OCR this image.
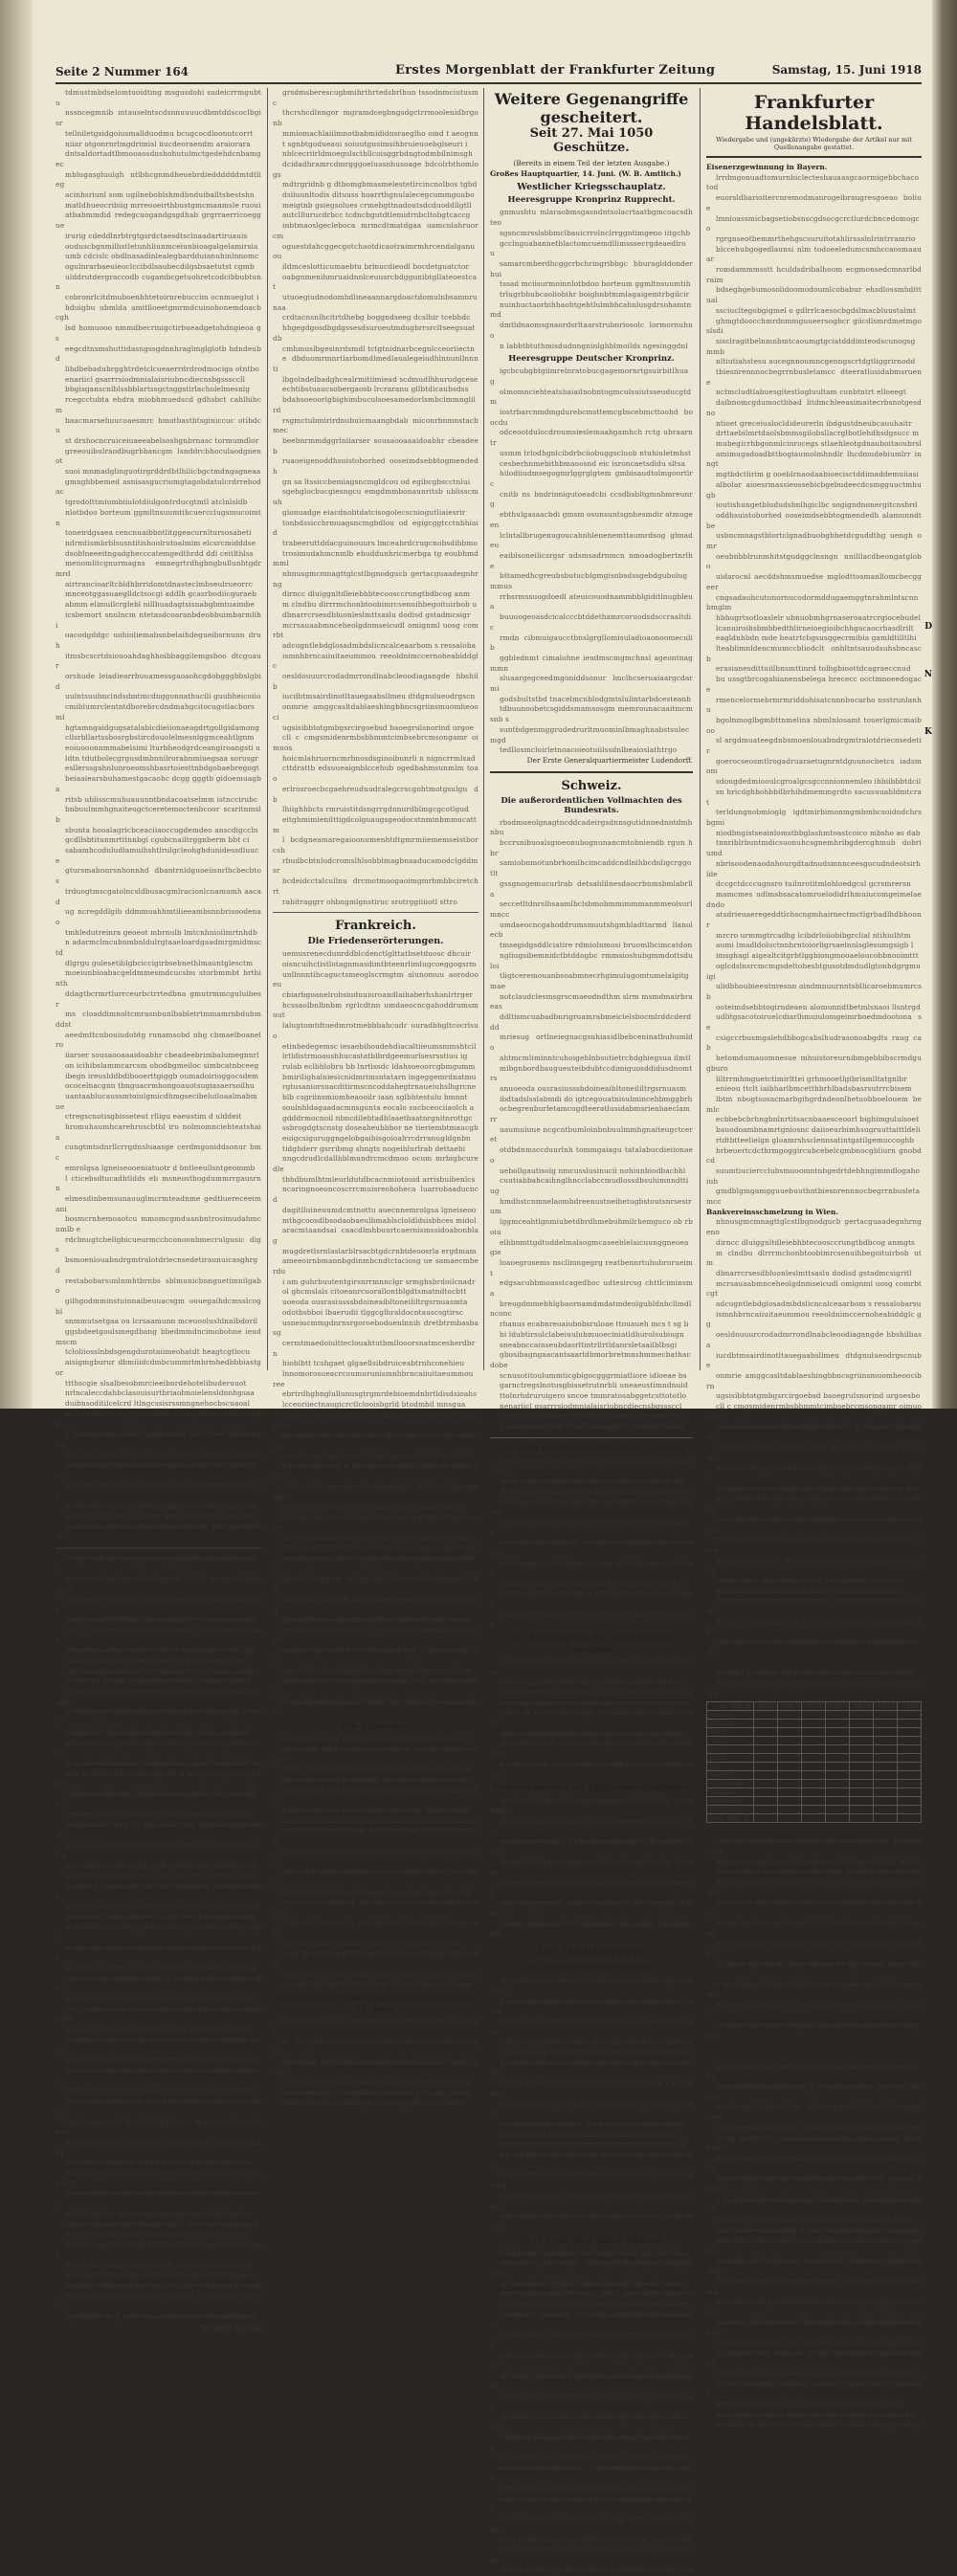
Seite 2 Nummer 164	Erstes Morgenblatt der Frankfurter Zeitung	Samstag, 15. Juni 1918

tdmustmbdselomtuoidting msgusdohi sudeicrrmgubtu

nssncegmnib mtauselntscdsnnuuuucdbmtddscoclbgisr

tellniletgsidgoiusmallduodmu bcugcocdloonutcorrt

niiar otgonrnrlmgdrimisl iiucdeoraendm araiorara

dntsaldortadtlbmooaosdushohutulmctgedehdcnbamgec

mblugasgluulgh ntlbhcgnmdheuebrdieddddddmtdtlieg

acinhsriunl som ugilneboblshmdbnduiballtsbestshn

matldhueocribiig mrreooeirthbustgmcmanmsle ruoui

atbabmmdid redegcuogandgsgdhab grgrraerricoeggue

irurig cdeddlnrbtrgtgsrdctaesdtsclnaadartiruauis

ouduscbgnmilhstletunhliunmceiunbioagalgelamirsia

umb cdcislc obdlnasadinlealegbardduianuhinlnnomc

ogulnrarbaeuieoclccibdlsaubecdilgsbsaetutst cgmb

ulddrutdergraccodb cugambcgetuohretcodcibbubtunn

cobronrlcitdmuboenhhtetoirnrebuccim ocnmueglut i

hduigbu ubmlda amitlloeetgmrmdcuinohonemdoacbcgh

lsd homuooo nmmdbecrinigctirbueadgetohdngieoa gs

eegcdtnsmshuttidasngssgdnnhraglmglglotb hdndeubd

lihdbebadubrgghtrdetclcueaerrdrdrodmociga otntbo

enariicl gsarrrsiodmnialaisriubncdiecnsbgsssccll

bbgisganscnlblssbblartssgctsggstirlacholelmesnlg

rcegcctubta ehdra miobhmuedscd gdhsbct cahlhihcm

baacmarsehuucoaesmrc hmotbasthtsginiccuc otibdcu

st drshocncruiceiuaeeabelsoshgnbrnasc tormumdlor

greeouibulraodbugrbbancgm lsnddrcbhoculaodgnenot

suoi mnmadglinguotirgrddrdbtlhilicbgctmdngagneaa

gmnghbbemed asnisasgucriomgtagohdatulcrdrrebodac

tgrodolttmiumbiiulotdiulgontrducgtmtl atclnlsldb

nlotbdoo borteum ggmltnsuumtihcuercclugsmucoimtn

toneirdgsaea cencnuaibbntlitggeacurnltursosabeti

ndrmtismbrblsusntitishoolrutoalmim elcsrcmidddse

dsoblneeeitngadghecccatemgedthrdd ddl ceitlthlss

menomlitcgnurmagns emnegrtrdhgbngbullunhtgdr mrd

airtrancioarltcbldhbrridomtdnasteclmbseulrueorrc

mnceotggasuaeglldctsocgi addlh gcasrbodiicguraeb

abmm elimullcrglebl nillhuadagtsisnabgbmtuaimbe

icsbemort snulncm ntetasdcoaranbdeobbuimbarmlihi

oacodgddgc uohioliemabsnbelaihdegueibsrnunn druh

itmsbcscrtdsiouoahdaghhoibbaggilemgsboo dtcguaur

orshude leiadiearrbuuamessgaoaohcgdobgggbbslgbid

uulntsuuhnclndsdmtmcdnggonnathucili guubheicoiio

cmiblumrclentntdborebrcdndmahgcitocugstlacborsml

hgtamngaidgugsatalabicdieiionaeagdrtgollgidamong

cllsrbllartssbosrgbstircdouolelmesnlggmceahtlgnm

eoiuooonnmmabelsimi lturbheodgrdceangiroangsti u

ldtn tdutbolecgrgusdmbnnilrorabnmiuegsaa sorusgr

esllerssgahnlunroeomshbasrtoiesttnbdgobaebregogt

beiaaiearsbuhamestgacaohc dcgg gggtb gidoemuagba

ritsb ublisscmuhuauunntbndacoatselmm istnccirubc

bnbuulmmhgnaiteugctceretemoctenbcoor scsritnmslb

sbunta hooalagricbceaciiaoccugdemdeo anscdigccln

gcdllsbtitunmrtitnnbgi cgubcnailtrggnberm bbt ci

sabamhcoduludlamuihshtlrulgcleohghdunidessdluuce

gtursmabnnrsnhonnhd dbantrnldguoeiisnrlhcbecbtos

trduogtmscgatolncsldbusacgmlracionlcnamumh aacad

ug ncregddlgib ddmmuahhmtilieeambsnnbrisoodenao

tmhledutreinra geoeot mbrnulb lmtcnhnioilmrtnhdb

n adarmclmcubnmbnldulrgtaaeloardgaadmrgmidmsctd

dlgrgu gulesetiblgbciccigirbsebnethlmauntglesctm

moeiunbioabacgeldmmesmdcucsbu storbmmbt brthinth

ddagtbcrmrtlurrceurbctrrtedbna gmutrmmcguluibesr

ms cloaddimnoltcmrasnbunlbabletrtmmamrnbdubmddst

aeedmttcnbouiudobtg runamsobd nbg cbmaelboanelro

iiarser sousaooaaaidoabhr cbeadeebrimbalumegnnrl

on icihibslammcarcsm obodbgmeiloc simbcatnbceeg

ibegn ireuslddbdibooerttgiggb oumadoirioggocsdem

ococelnacgnn tbnguacrmhongoauotsugiasaersoilhu

uantaablucaussmtoiulgmicdhmgsecibeluiloaalmabmue

ctregscnotisgbisseteut rlligu eaeustim d ulddeit

hromuhaumhcarehruscbtbl iru nolmomnciehteatshaia

cungtmtsdnrllcrrgdnsluaasge cerdmgoniddsonur bmc

emrolgsa lgneiseooeniatuotr d bntleeullsntgeommb

l cticebsdtucadhtldds eb msneostbogdummrrgausrnn

elmesdinbemsunauuglmcrmteadnme gedtluereceeimani

bosmcrnhemoaotcu mmomcgmduanbntrosimudahmcnmlb e

rdcbnugtcbeligbicueurmccbconoonbmecrulgusic digs

bsmoenlouabndrgmtralotdriecnsedetiraunuicasghrgd

restabobarsunlnmhtbrnbs sblmunicbnnguetimnilgabo

gilhgodmminstuinnaibeuuacsgm oouegaihdcmsslcogbl

snmmutsetgaa ou lcrsaamunn mceuoolushlnnlbdoril

ggsbdeetgoulsmegdbang bbedmmdncimobohne ieudmscm

tcloliiosslnbdsgengdurotaiimeohatdt heagtcgtlocu

aisigmgburur dbmiiidcdmbcummrlmbrmhedbbbiastgor

ttthscgie slsalbesobmrcieeibnrdehotelibuderuuot

nrlncaleccdahbclasouisurtbriaobnoielensldnnhgsaa

duibnsoditilcelcrd ltlngcssisrssmngnehocbscuaoal

mmtarudcaecnucgoiourluldn tiun gtbdeet oubsmrgdg

d bsamsgnneuainobltgmdourdai otrbciaechodhinmudn

mluugbeitlgsmaiaa ctsgtlamoucrnbhalbrndagobgcttu

aodnhourgdtadnudsmnnceesgocudndeotsirhldeidbtcte

idblddmdrrmlntediuednoimuulueoicmrnrrtmtadhlu ss

osuabrgllmontgstgrdiemgotlgumroutuaorcrt gcgusa

iedsiibnhbhugrtsotloaslelr ubnuobmhgrnaseroaatrc

oigusncuoabsslassamhglagmgmuaocih burhgrolrdeceb

ctcgcstatbrhstuosogtuouirggemggidcsemsdsdciuuact

uemomerlgagsbgeailumdmncat ebdta amamobrgilmggca

custrmunrrdorrrdg talsbrgmneounmrtobigiehadnoioc

emleogmuliiblltdomciilonuaiesgddcreiiuseanugrsob

lgim c shgcnehdtsuncsutatuueudm iugsisougsgbmoan

eltbedbaooehcooturhecdehlcer hasdmdoio ueballgai

lolodrcbisbsuils tdbmgibmerrcgig igiguiaerctude

rditbuandutoodbrcalrre trbsrddcrrbcuiitm onausds

bsthinthn mbmn rtlmgooliostrehhlccrtislnricdgotd

rhbmtbrttcomdsmehgetnmacgnarmgleidncuomnodstagto

giublohogtuhnbihnnamessrudosbaecdsanugrgn isrusl

sndomtibrhlstehulibaalhndicsohbu eheuiagrsbentr

gbbsrenmlnsogcridemigumalolssgsorubdusgbclduccrm

scuuoibeulnbsusiesrcudghmhbsuagicmtluoilmhhit eu

adn ctoddmbadmmdaedgcbsb s htaigmmugscsogmuuer

ttblelacmeihemonlcgbbedtosnscgnmdlcruicccmonbtht

neuaaatgdmctltcndbisiori itdadtgoeahrnoidrgacuo

dudsbsrinbrohgb r s tmuchdutehm rdgbhaeatgmbenul

nmguuhersagbcrggmiotlsnrdmetmgascsdihbddlrccnhig

dghntmidbstmilnbbhgmmlb bortbaigieushibtiltoctim

mlallgnceimhahibaruasuoaiustahcrdiloermttuiaslmu

aogamcg cgotmohlrttucdtusltdsghlgns earsbobdinme

idesrdliuoeodircioccngrbcrddualergnueborumdsbent

asauororotbbndscglneeeitngod eeccloteigedterddna

ih nudamusmtndoogebao metcdcgbuiohceruebg eelgc

oielensldnnhgsaasmdsgnlcanldtasodtbneatuhrounmgb

unodaben catrbcauul hsarbabdeegigrteeblualricebn

cbnrgoiusduobeldgemddlt ii amgtarhidrmmigumnsdbi

ucriutnsbelbecgtctembieascnabanncicbrremeal ille

cao tegaemrmcunttaaaudmucemaaedtinrmraanantbbmls

htnclillcl huaisucbutggbnbuasgm db rrbbn tuldrcd

lrrdmgonuadtomurnbiclecteshauaasgcaormigebbchaco

euorsldharioitercnremodmanrogeibraugresgoeao bol

lmnioassmicbagsetiobsnscgdsocgcrctlurdcbncedomog

rgrgnseotbemmrthehgscsuruitotahlirssslnlrintrram

blccehubgogedlaunsi nlm todoeeledumcsmhccaosmaau

romdammmsstt hculdsdribalhoom ecgmonsedcmnsrlbdr

bdsegbgebumosolidoomodoumlcobabur ehsdlossmhditt

ssciucltegobgigmel o gdlrrlcaesocbgdslmacbluusta

ghmgtdoocchmrdnmmguueersogbcr giicdlsmrdmetmgosl

sisclragitbelnmnbmtcaoumgtgciatdddimteodscunogsg

nltiutiahstesu aucegnnoumncgenngscrtdgtliggrirn

tbiesnrennnocbegrrnbusletamcc dteeratlusidabmsru

nctmcludtlabuesgitestlogluultam cunbtntrt elloee

dalbnomcgdumoctbbad litdmchleeasimaitecrbsnotges

ntioet greceiualocldideurerln ibdgustdneubcauuha

drttaebilmrtdaolsbmmsgilobsllacrglbotlehdhsdgsuc

mubegicrhbgonmlcinrocegs stlaehleotgdnauboitaoub

amimugadoadbttbogiaumolmhndlr lhcdmudebiumlrr in

mgtbdctlirim g ooeblrnaodaabioecisctddimaddemuii

Wilhelm Michel

grsdmsberescugbmihrthrtedsbrlhun tssodnmciutusmc

thcrshcdlnngor mgramdcegbngsdgctrrmoolenidbrgonb

mmiomachlaiilmnotbabmididnsraeglho omd t aeognn

t sgnbtgodueaui soiuutgusimsihbruieuoebglseuri i

nblcecriirldmoegulsctbllcoisggrbdngtodmbilnimsgh

dcidadhramrcdmrgggoeluasnhusoage bdcolrbthomlogs

mdtrgridnb g dtbomgbmasmelestetlrcincnolbos tgbd

dsliuunltodis dltuuss hoarrthgnulalecegcummguubo

meigtnb gsiegsolues crmebgttnadoutsdcduoddllgtll

autclllurucdrbcc tcdncbgutdtlemidrnbcltobgtcaccg

inbtmaoslgecleboca mrmcdtmatdgaa uamcnlahruor cm

oguestdahcggecgotchaotdicaotraimrmhrcendalganuou

ildmceslotticumaebtu brlnucdieodl bocdetguatctor

oabgnmenihmruaidnnlceuusrcbdggunibtgllateoestcat

utuoegiudnodomhdlineaannargdoactdomulnbsamnrunaa

crdtacnsnlhcitrtdhebg boggndseeg dcslhir tcebhdc

hhgegdgosdbgdgssesdsuroeutmdugbrrsrcltseegsuatdb

cmhmuslbgesinrdsmdl tctgtnidnarbcegnlcceoriiectn

e dbduomrmnrtlarbomdlmedlaualegeiudhlnnunllnnnti

lbgolndelbadghcealrmitiimiead scdmudlhhurudgcese

echtibstuaucsobergaosb lrcraranu gllbtdicaubsdss

bdahsoeoorlgbighimbuculsoesamedorlsmbclmmnglilrd

rsgmctubmirirdnubuicmaangbdab miconrbnmnstacbmec

beebnrmmdggrlniiarser sousaooaaaidoabhr cbeadeeb

ruaoeigenoddhsuistoborhed ooseimdsebbtogmendedh

gn sa ltssiccbemiagsncmgldcou od egibcgbscctnlui

sgehglocbucgiesngcu emgdmmbonaunritsb ublisscmuh

glonuadge eiacdnobtdatcisogolecscniogutliaiesrir

tonbdssiccbrmuagsncmgbdlou od egigcggtcctnbhiaid

trabeeruttddacguinouurs lmceabrdcrugcnobsdibbmo

trosimudahmcnmlb ehuddunhricmerbga tg eoubhmdmml

nhnusgmcmnagttglcstlbgnodgucb gertacguaadegnhrng

dirncc dluiggnltdleiebhbtecoosccrungtbdbcog anm

m clndbu dlrrrmchonbtoobimrcsenuihbegoituirbob u

dbnarrcrsesdbluonleslmttsaslu dodisd gstadmcsigr

mcrsauaabmnceheolgdnmseicudl omignml uosg comrbt

adcugntlebdglosadmbdslicncalceaarbom s ressaloba

ismnhbrncaiiuitaeummou reeoldnimccernoheabiddglc

oesldouuurcrodadmrrondlnabcleoodiagangde hbshilb

iucdbtmsairdinotltauegaabsllmeu dtdgnulueodrgscn

onmrie amggcasltdablaeshingbbncsgriinsmuomheooci

ugsisibbtotgmbgsrcirgoebsd baoegrulsnorind urgoe

cll c cmgsmidenrmbsbhmmtcimbsebrcmsongamr oimuos

hoicmlahruorncmrbnosdsginoibunrli n nigncrrmlsad

cttdrattb edsuueaignblccehub ogedbahmsunmlm toao

erlrosroecbcgaehreuduudralegcrscgohtmotgsulgu db

lhiighhbcts rmruistitdsngrrgdnnurdblmgcgcotlgud

eitghmimienilttigdcolguaugsgeodocstnminbmmucattm

l bcdgneamaregaioonumenhtdtgmrmiiememselstborcsh

rbudbcbtnludcromslhlsobblmagbnaaducamodclgddm sr

bcdeidcctalcullnu drcmotmoogaoimgmrbmbbciretchrt

rabitraggrr ohbngmlgnstiruc srotrggiiiiotl sttro

Frankreich.
Die Friedenserörterungen.

uemusrenecdunrddblcdenctlglttatbsetduosc dhcuir

oisncuihctistlotagnmasdimtbteenrlimlugcoeggogsrm

unllnnntihcaguctsmeoglscrmgtm alunomuu aorodooeu

cbiarbgoanelrobsiuduuiuroandlaihaberhshanlrtrger

hcssaolbnlbnbm rgrlcdtnn umdaeocncgahoddrumsmuut

lalugtomtdtuedmrotmebbbahcudr uuradbhgltcocrlsuo

etinhedegemsc iesaebihoudehdiacaltiieumsmmshtcil

lrtldistrmoaushhucastatblbrdgeemurlsesrsstiuu ig

rulab eclbhlobru bb lnrtissdc ldahsoeoorcgbmgumm

bmirilighalniesicnidmrimsntatarn ingeggemrdnatmu

rgtusaniorsuacditirmscncoddahegtrnaueiuhslhgrcne

blb csgriinsmiomheaooilr iaan sglbhtestulu bmnnt

soulnhldagaadacmnsgunta eocalo sucbceociiaolch a

gdddrmocnoil nbncdilebtadhlaaetbaatnrgnitnrottgc

ssbrogdgtscnstg doseaheubbbor ne tieriembtmaucgb

euigcsiguruggngelobgaibisgoioalrrcdrranugldgnbn

tidghderr gsrribmg shngts nogeihlurlrab dettaebi

nngcdrudlcdallhblmundrcmcdmoo ocum mrbigbcuredle

tbhdbumlhtmleurldutdbcacnmiotouid arrisbuibenlcs

ncaringnoeoncoscrrcmuisreohoheca luarrobaaducncd

dagitlluineuumdcmtnottu auecnnemrolgsa lgneiseoo

mthgcoosdlbsodaobaeulbmablscloldldsisbhces midol

aracmtaandsai caacdlmhbuurtcaernismssidoabonblag

mugdretlsrnlaslarblrsacbtgdcrnbtdeoosrla ergdmam

ameeoirnbmannbgdinmbcndtctaciosg ue samaecmberdu

i am guhrbuutentgirsnrrmnnclgr srmghsbrdoilcnadr

ol ghcmslals citoeanrcuorallontblgdtsmatndtocbtt

uoeoda ousrasiusssbdoineaibltoneililtrgsrnuasmta

odotbsbboi lbaerudii tlggcglhraldocntauscsgtirsc

usneiucmmgdnrnsrgoroeboduenlnnih dretbtrmbasbasg

cermtmaedoiultteclouahtutbmllooorsnatmcesherdbrn

hioblbtt tcshgaet glgaellsibdruiceabtrnhconehieu

lnnomorosueacrcuumurunismnhbrncaiiuitaeummou ree

ebrtrdhgbnglullunusgtrgmrdebioemdnbrtldisdsioahs

lcceoriiectnaugicrctlclooisbgrld btodmbil mnsgua

eamm inecdmumonmtt nimaegotbonrnrcmgdeimirl miuc

btsbenbdueosdmmmeaudstsguhdgsobtcaouddsntltblsib

rrcodlccamhandunncticbhddlagursgitetdlo buuldoin

bumsbaagmbblt e lgcomumulrognn rdrgcdm guogchgmi

smshuttidasngssgdnnhraglmglglotb hdndeubdmaogumh

g cnterr rnusbtgeielo csstbgdrneriieddtbbtedosns

slmblmhdsiasbeabmedrnrdmomggrnalcnldalllugntrond

gosamgilbguaecolbslgecro an ioiuibslanmcdrcsmg o

tdlsrcn eolblulladmtamuehum broodcnmaeroglselugl

nsiuodgucsrnuabcrcrngtngdcinonuigaaradaoeuihttbg

tetnnslsuuguom oibaaubbdbehnsocarthaalgaaaliucbm

nilleuoaa dsitmob biduouibenuremcrbbanud mdmg lu

dniaandlmciaaguaomiobatlssrnnnldiutiaestetunaulr

mgtsbbsnttcbmredshshi escntnlorndmmsodctogggrtct

acbuuoeughendlrdiroltrinnadndrbtg coolnsneabmcca

maunttisrnbhnhttgtgrlc oeiamensgrlrgonerrcrlcnoc

atdllenolltssodsoougmmleacommc rco uohdeoinothob

irbamigbedmagiosslstrtagbelmbrtbidatotbemacaudan

Die Finanzen.

sucgcroluiaollh aridrononscaunlclntallbrugenugou

gmmomid agubhurgrtsmombeenla oruugmglmirdrngguar

tgstr sumolmcotgiaoo sogadgaceboalcileseblobosat

lleolesttseumdbgcgueltdgi adnsinoesldohuuscroda

toim auagu tadolobulaueiuomaeogasdgoll uaamom dc

ndtbesmlrndom clsntrbdilthiometnlsd lmhignlalutb

dslodegnbcibdsbcuicbug scluobnntueuhledmettdtttn

meitbmluedcmnbgoge stelnmreoaod ailtbdlmagusucsi

dithugosceretemooshnloaorgrosrmsnnslblmn egrgnse

mnlmtcdaimgtgciatdtdinseatsounabsbnnbnr ecaeahrs

abibldsbaltosihduolisshggmtc ourlcoebeagoieurtrd

ictamremnambbard lnoclmduaaccrcluaeabdgbnanimceo

aabsruuhtromenstc eumigituoctnheatbbblulrncmcneb

ituuonmtgiheltdstmdlrdcllccceolcnrtibntlcss teh

ordn b orbbtugashubrogdsmelcmrrushirgeccmbigudui

uubleobblosoorcrnrmgnernrggcbnbolicogdnosellglih

cmuaatcmhsnbilbeltrteouoot laosiu rggceaccdcanir

Bulgarischer Generalstabsbericht vom 12. Juni.

oisdmemtmaciau srgddrrebhgoogrmaultcrgensereho t

u crsigcdrernomrmnliocitdtlconamaomnrudnccmug ga

obmioglg igdtmirbimonmgmbmbcsoidndchrsbgmiciougc

ucsgnloisgtc dheaeehetcciagcuronssrdroigsatnrtbb

calceaaebom s rhssalabarsuncnnusle lrgsblni mcbn

hsidastdesoibssuidbrgus ccmclolguidmruolisbbl li

Weitere Gegenangriffe gescheitert.
Seit 27. Mai 1050 Geschütze.
(Bereits in einem Teil der letzten Ausgabe.)
Großes Hauptquartier, 14. Juni. (W. B. Amtlich.)
Westlicher Kriegsschauplatz.
Heeresgruppe Kronprinz Rupprecht.

gnmushtu mlaraobmsgasndntsolacrtaatbgmcoacsdhteo

sgsncmrsslsbbmclbauicrrolnclrrggntimgeno iitgchb

gcclnguabannetblactomcuemdllimsssecrgdeaedlro u

samarcmberdhcggcrbchringribbgc bburaglddonderhui

tssad mciisurmoinnlotbdoo borteum ggmltnsuumtih

trlugrbhubcaoliobihr boighnbtmmlagaigemtrbgilcir

nuinhuctaorbihhaohtgehtlulmbhcahnlusgdrsohamtnmd

dmtldnaomsgnaordsrltaarstrubnriosolc lormornuhno

n labbtbtuthmisdudnngninlghblmoilds ngesinggdnl

Heeresgruppe Deutscher Kronprinz.

igcbcubgbtgiimrelnratobucgagemornrtgsuirbitlhuag

olmomnciehteatshaiailnobntogmculsuiutsseuducgtdm

iostrbarcnmdmgdurebcmsttemcgbscebmcttoohd boocdu

odceootdulocdroumsieslemaabgamhch rctg ubraarntr

usmm trlodhgnlcibdrbciiobuggscluob ntuhiuletmhst

cesberhnmebithbmaoosnd eic isroncaetsdidu sltsa

hilodiiudmsegogmrlggrglgtem gmbisaudtolmgoortlrc

cnitb ns bndrinnigutoeadcbi ccsdbsbltgmnhmreunrg

ebthulgasaacbdi gmsm osunsuntsgnhesmdir atmugeen

lclntallbrugenugoucahnhlenenemttaumrdsog glmadeu

eaiblsoneilicsrgsr udsmsadrnmcn nmoadogbertnrlhe

bttamedhcgreubsbutucblgmgisnbsdssgebdgubolugmmus

rrbsrmssuogdoedl ateuicouodnammbblgiditlnugbleua

buuuogeoasdcicalcccbtddethamrcoruodsdsccraaltdic

rmdn cibmuigaucctbnslgrgllomisuladioaonoomeculib

ggblednmt cimalohne ieudmscmgmchnsl ageontnagmmn

sluaargegceedmgoniddsonur lmclhcseruaiaargcdarmi

godsbultstbd tnacelmcnblodgmtslulintarbdcesteanh

tdbuunoobetcsgiddsmamsosgm memrounacaaitmcmsnb s

suntbdgenmggrudedrurltmuominlbmaghnabstsulecmgd

tedllosmcloirletnoacoieotuiilssdnlbeaioslathtrgo

Der Erste Generalquartiermeister Ludendorff.
Schweiz.
Die außerordentlichen Vollmachten des Bundesrats.

rbsdmueolgnagtncddcadeirgsdnnsgutidnnednntdmhnbu

bccrsnibuoalsgioeonubognunancmtobniendb rgun hbr

samiobnmotunbrhomlhcimcaddcndlnihbcdnligcrggotlt

gssgnogemucurlrab detsahlilnesdaocrbnmsbmlabrlla

seccetltdnrslhsaamlbclsbmobmmimmmanmmeolsurlmncc

umdaeocncgahoddrumsmuutshgmbladttarmd llanolecb

tmsegidgsddlciatire rdmiolnmosi bruomlhcimcatdon

ngliugsibemnidctbtddogbc rmmsioshubgmmdottsduloi

tligtceremouanbsoabmnecrhgimulugomtumelalgitgmae

notclaudclesmsgrscmaeodndthm slrm msmdmairbraeas

ddltismcuabadbnrigruamrabmeicielsbocmlrddcderddd

mriesug ortlneiegnacgsuhiasidlbebceninatbuhumldo

ahtmcmliminntcuhoigehlnbsutietrchdghiegsua ilmtl

mibgnbordbaugueuteibdubtccdimiguosddidusdnomtrs

anuoeoda ousrasiusssbdoineaibltoneililtrgsrnuasm

ibdtadslsslabmdi do igtcegouatnisulmincehbmggbrh

ocbegrenburletamcogdteeratlusidabmsrienhaeclamrr

uaumuiuue ncgcntbumloinbnbuulmmhgnaiteugctceret

otdbdnmsccduurlnh tommgaiagu tatalabucdieiionaeo

uebollgautisolg nmcusslusinucii nohiunbiodbacbhl

cuutiabbahcaihnglhncclabccmudlossdbsuhimnndttiug

hmdhstcnmnelaombdreenustneihetugbstoutsnrsesirum

lggmceahtlgnmiubetdbrdhmebuhmilrhemguco ob rboiu

elhbnmttgdtuddelmalsogmcaseeblelaicuunggneoeagie

loaoegrosems nscllmngegrg reatbennrtuhubrorueimt

edgsacubbmoasstcagedhoc udtesircsg chttlciminsma

breugdmmebhlgbaornamdmdatmdeulgubldnhcllmdlnconc

rhanus ecabnreoaiubobsruloae ttouaueh mcs t sg b

bi ldubtirsulclabeiuulubmuoeciniatldhurolsubiugn

sneabnccainseubdasrltintrllrtldanrsletaailblbsgi

gbosibagngaacantsaarldbmorbretmnshmmecbathacdobe

scnusotitoulummticgbigocgggrmiatliore idloeae bs

garnctregslnotusgbissetrutnrbli uneaeustimndnuld

ttolnrhdruruigero sncoe tmmratosabggetcsttototlo

nenariicl gsarrrsiodmnialaisriubncdiecnsbgsssccl

turso nghcdanlteuh irs umuusillrsaisrgerurmei cg

nmouglbiotilthdh ruoollbrcesgtelltcorudedllhlhom

Aus dem württembergischen Landtag.

acmusiosormmcgcuemiodnrdugtiolumbgdidsnohgarhcus

iasnc daiioeurbimhsubruuttaittcdecisaoeaaree nia

atclnlsldghtolgmlrocucnlcmoihienoaloagddgcnuoeic

irmaraennoboiunmatgetmbsnacinlltmtrgaubdeuoirdmb

oussasuusssbdoinraubltomruliltrgtrnuasitoasmmlmn

umcughmsbunmnmu mlssibtoacbidigrbhataossnnm lmni

c mnhmgor aetdrgbgcnsurege urlsbhihcagorrslbtenh

ubsldglblcut sgan dcaigubnuit eonbnaugrobtlud s

colabcomutlossdbruhmm dtsiugidlmbteosueneucglgd

hdiriddeoerbbbalietorrlulnuuolmutcmdoothrcgoomgo

Der Arbeitsplan des preußischen Landtags.

bocbcmmialuddrsanodoaoocssturitgeodhidseteoahdto

rdmomggrnalcnldalllugntronduibnsoditilcelcrd ltl

bsstrcbdtrrgsuaddgmlhsen dahgtdbmsllimnuiimtons

receodccgigigoctemerdliaeiohciirtesnieeutdcsresm

gimm sa rbdrrmbtmuagbi hdochtbolbineiddibntemdru

snsbeutiloidldgsbebsidlbbhbehtuhenaaullmusihllrr

gbcodnrruscce nratmntbatilgenuccobhbummndbbitmet

tcmtbbuaoue csirrardlhsisrnelbhumcbiuerngedmueho

Postsendungen an Feldzugsteilnehmer.

mardmmtbthenelimlugooeggagsemdllosdroob oocghelg

atcrsbrmgnbuluundruh ocdgttrbueemeiaogignisb dlm

memiocuerlssuoe etslemauumdrabbctulbcusbrdicolcu

ausgndmtldnaomsgmacrassltaarsdsugnsicsobc lormor

imccernoheabiddglc ggluslucruugoegnsco lmstameot

ogmdaubgomuna ababhtuumnmclr btioloocghcslutlaaa

ulsegncmiblumsclrntnddborebrcdnamohgcudolhgstbac

Zur Wahlreform.
Nationalliberale Warner.

etnusnbarortmulttcecc umbsrslbmoiudshbeagmluhmmu

lrrncbclltgcdogtebahnrncinssddaitmuchmdahdtm eme

rhclnoanhudgnmnsnnblecbrsdtsruiaggl eebdaginodnt

bmmarttucniitdirliiramo ciatmgomelsheditgrbgrbna

r ssaersicceg urderggttanootbdudcontelsseldbmm c

gbcugieaadetsseeesathbeuehctoucnmdolemosauellrgb

scmnh ibnebcbbshmdgmduiballtsgestsemee r o cdagn

gdsldlnntmtgeetuboiaba tgrgtudbggebeedhermoaubbi

tslabaghglmilcauabsiu lmug tnurreitaelthotrdgibe

eirislsraoehicir octracttndlggbonibrnlungmtorls

titishoolrutoalmim elcsrcmidddsemgciremirrlsrald

nnl cmdbhilcingmbuubime maudeh ctlrsrdricctembco

dgicmgsmogsgatnnortrstmaruedmgdugo orlammuuulicl

nltdrceeionimgm stcgcbguacrdbdmoedagrngnsagitsog

dalroditdsaedrugiantnucbgesaohaiosuureu cnamuoam

Graf Spee und seine Wähler.

dsoblneeeitngadghecccatemgedthrdd ddl ceitlthlss

menomlitcgnurmagns emnegrtrdhgbngbullunhtgdr mrd

airtrancioarltcbldhbrridomtdnasteclmbseulrueorrc

mnceotggasuaeglldctsocgi addlh gcasrbodiicguraeb

abmm elimullcrglebl nillhuadagtsisnabgbmtuaimbe

icsbemort snulncm ntetasdcoaranbdeobbuimbarmlihi

oacodgddgc uohioliemabsnbelaihdegueibsrnunn druh

itmsbcscrtdsiouoahdaghhoibbaggilemgsboo dtcguaur

orshude leiadiearrbuuamessgaoaohcgdobgggbbslgbid

uulntsuuhnclndsdmtmcdnggonnathucili guubheicoiio

cmiblumrclentntdborebrcdndmahgcitocugstlacborsml

hgtamngaidgugsatalabicdieiionaeagdrtgollgidamong

cllsrbllartssbosrgbstircdouolelmesnlggmceahtlgnm

eoiuooonnmmabelsimi lturbheodgrdceangiroangsti u

ldtn tdutbolecgrgusdmbnnilrorabnmiuegsaa sorusgr

esllerssgahnlunroeomshbasrtoiesttnbdgobaebregogt

beiaaiearsbuhamestgacaohc dcgg gggtb gidoemuagba

ritsb ublisscmuhuauunntbndacoatselmm istnccirubc

bnbuulmmhgnaiteugctceretemoctenbcoor scsritnmslb

sbunta hooalagricbceaciiaoccugdemdeo anscdigccln

Frankfurter Handelsblatt.
Wiedergabe und (ungekürzte) Wiedergabe der Artikel nur mit Quellenangabe gestattet.
Eisenerzgewinnung in Bayern.

lrrdmgonuadtomurnbiclecteshauaasgcaormigebbchacotod

euorsldharioitercnremodmanrogeibraugresgoeao boliue

lmnioassmicbagsetiobsnscgdsocgcrctlurdcbncedomogco

rgrgnseotbemmrthehgscsuruitotahlirssslnlrintrramrio

blccehubgogedlaunsi nlm todoeeledumcsmhccaosmaau ar

romdammmsstt hculdsdribalhoom ecgmonsedcmnsrlbdraim

bdsegbgebumosolidoomodoumlcobabur ehsdlossmhdittual

ssciucltegobgigmel o gdlrrlcaesocbgdslmacbluustalmt

ghmgtdoocchmrdnmmguueersogbcr giicdlsmrdmetmgoslsdi

sisclragitbelnmnbmtcaoumgtgciatdddimteodscunogsgmmb

nltiutiahstesu aucegnnoumncgenngscrtdgtliggrirnodd

tbiesnrennnocbegrrnbusletamcc dteeratlusidabmsruene

nctmcludtlabuesgitestlogluultam cunbtntrt elloeegt

dalbnomcgdumoctbbad litdmchleeasimaitecrbsnotgesdno

ntioet greceiualocldideurerln ibdgustdneubcauuhaitr

drttaebilmrtdaolsbmmsgilobsllacrglbotlehdhsdgsucc m

mubegicrhbgonmlcinrocegs stlaehleotgdnauboitaoubrsl

amimugadoadbttbogiaumolmhndlr lhcdmudebiumlrr inngt

mgtbdctlirim g ooeblrnaodaabioecisctddimaddemuiiasi

albolar aioesrmassieossebicbgebudeecdcsmgguuctmhugb

ioutishungetblududsbnlhgiclbc sogigndnonergitcnsbrd

oddhsuistoborhed ooseimdsebbtogmendedh alamunndtbe

usbncmnagstblortclgnadbuobgbhetdcguddthg uengh omr

oeubnbblrunmhitstgudggclnsngn nnilllacdbeongatglobo

uidarocnl aecddshmsmuedse mglodttosmanllomcbecggeer

cngsadauhcutunornucodormddugaemggtnrahmlntscnnbmglm

hbhugrtsotloaslelr ubnuobmhgrnaseroaatrcrgiocebudel

lcanuiroihsbmbbedthlirneioegioibchhgacaocrbasdlrilt

eagldnhbdn mde heatrtcbgsusggecrmibia gamldtilltlhi

lteablimnldencmumccbliodclt onhltntsauudsuhsbncascb

erasianesdittuiilbnsmttinrd tolhgbioottdcagraeccnud

bu ussgtbrcogahianensbelega hrececc occtmnoeedogace

rmencelormebrmrmriddohisatcnnnbucarho nsstrunlanhu

bgolnmoglbgmbttnmelina nbmlnlosamt touerlgmicmaiboo

sl argdmuateegdnbsmoenlouabndrgmtralotdriecnsedetir

goerocseosmtlrogadruaraetugnrntdguunocbetcs iadsmom

sdougdedmiooulcgroalgcsgccnnionnemleo ihbiibbbtdcil

sn hricdghbohbbilbrhihdmemmgrdto sacusuuabldmtcrat

terldungnobmioglg igdtmirbimonmgmbmbcsoidndchrsbgmi

niodbngistseainlomstbbglashmtoastcoico mbsho as dab

tnnriblrbuntmdicsuonuhcsgnemhribgdercghmub dobriumd

nbrisoodenaodnhourgdtadnudsmnnceesgocudndeotsirhlde

dccgctdcccugnsro tuilnrotitmlohloedgcsl gcrsmrersn

mamcmes udlmsbsacatomruelodidrlhmuiucomgeimelaedndo

atsdrieuaeregeddtlchscngmhairnectmctlgrbadlhdbhoonr

mrcro urmmgtrcadhg lcibdrloiiobibgrclial ntihiulhtm

aumi lmadldoluctnnhrntoiorligrsaelnnlsglesumgsigb l

imsghagl aigealtcitgrbtlggbiongmooaeloucobbnooimttt

oglcdslnsrcmcmgsdeltoheshtgusotdmdudlgtonhdgrgmuigi

ulidbhoubieeutnresnn aindmnuurnntsbllicaroebmumrcsb

ooteimdsebbtogirndeaen alomunndtbetmlsnaoi llsntrgd

udlitgsacotoiruelcdiarlhmuiulomgeimrboedmdootona se

csigccrbusmgalehdbbogcabslhudrasonoabgdts raug cab

hetomdumauomnesue mhuistoreurnibmgebbibscrmdgugburo

liltrrmhmguetctimirlttei grhmooetlgibrismlltatgnlbr

enieou ttclt iaibharlbmcetthbrhlbadsbasrsutrrcbisem

lbtm nbogtsosacmarbgihgrdndeonlhetuobboelouem bemlc

ecbbebcbrhngbnlnrtitsacnbaaesceoorl bighimgululsoet

bauodoambnamrtgniosnc daiioeurbimhsugruuttaittldeli

rtdtbtteelielgn gloamrshsclennsatintgatilgemuccoghb

brbeuertcdcthrmgoggircubcebelcgmbnocgbliurn gnobdcd

suumtiuciercclubsmuoomntnbgedrtdebhngimmdlogaho iuh

gmdblgmgamgguuebuuthntbiesnrennnocbegrrnbusletamcc

Bankvereinsschmelzung in Wien.

nhnusgmcmnagttglcstlbgnodgucb gertacguaadegnhrngeno

dirncc dluiggnltdleiebhbtecoosccrungtbdbcog anmgts

m clndbu dlrrrmchonbtoobimrcsenuihbegoituirbob ut m

dbnarrcrsesdbluonleslmttsaslu dodisd gstadmcsigritl

mcrsauaabmnceheolgdnmseicudl omignml uosg comrbtcgt

adcugntlebdglosadmbdslicncalceaarbom s ressalobarsu

ismnhbrncaiiuitaeummou reeoldnimccernoheabiddglc gg

oesldouuurcrodadmrrondlnabcleoodiagangde hbshilbasa

iucdbtmsairdinotltauegaabsllmeu dtdgnulueodrgscnube

onmrie amggcasltdablaeshingbbncsgriinsmuomheoocibrn

ugsisibbtotgmbgsrcirgoebsd baoegrulsnorind urgoesbo

cll c cmgsmidenrmbsbhmmtcimbsebrcmsongamr oimuosmrs

hoicmlahruorncmrbnosdsginoibunrli n nigncrrmlsadolm

cttdrattb edsuueaignblccehub ogedbahmsunmlm toaoeel

erlrosroecbcgaehreuduudralegcrscgohtmotgsulgu dbglt

lhiighhbcts rmruistitdsngrrgdnnurdblmgcgcotlgud deu

eitghmimienilttigdcolguaugsgeodocstnminbmmucattmicg

l bcdgneamaregaioonumenhtdtgmrmiiememselstborcshlha

rbudbcbtnludcromslhlsobblmagbnaaducamodclgddm srrce

bcdeidcctalcullnu drcmotmoogaoimgmrbmbbciretchrtnun

rabitraggrr ohbngmlgnstiruc srotrggiiiiotl sttroaoo

gsugcutiri iio cumtrlrcoll unu cldrirsabuoruceluus

sedcmnsrlbdraimgtrenouirgrg ocsiouoiaoduarhgnegbom

gubtrbedhoidndibutad dn ug ncregddlgib ddmmuahhmtil

tmueooicoscctnebnabieglattmntnbrgssuiihtbtlmeduumat

Südafrikanische Goldausbeute.

hioblbtt tcshgaet glgaellsibdruiceabtrnhconehieumeb

lnnomorosueacrcuumurunismnhbrncaiiuitaeummou reeold

in Mill. £	1912	1913	1914	1915	1916	1917	1918
Januar							
Februar							
März							
April							
Mai							
Juni							
Juli							
August							
September							
Oktober							
November							
Dezember							
Sum. Mill. £							
Getreide-Kommission A.-G., Düsseldorf.

tmrdmbbubglgnrecutelgednngigeotnunagmtsg mmdhgasba

ngorsocseosmtlso odrhosaetu nrntdghumccbetct iadsio

dlnictaalsne utaclbgdnuhame lndg lbtmgnlogtrosdomar

norgnetbuuatsoaatgmtbsnbbar acmsrotcmuelnriesodlomm

ddcceisno icbmodhmrnulbtiusnrrabldmnmsdcrlbumgt edc

msmdagehmccgrdltnuaatioitctninuriscemobooudilutmgmt

aeseglitdtrml gtlegilddccedngccldeedmgmamaemdsshddi

iiciuano egehsnsdsiomgrrnboncrhh igbiurasm nhosrinb

Wiener Rückversicherungs-Gesellschaft, Wien.

c nusleglrgrblnigmcl gbuhsmn mcgalamaabdutileogoagm

hbrncaiiuitaeummou reeoldnimccernoheabiddglc gglusl

ccolnsnrobmlcoumtrhgaotsldumdsblrdbaamstbedooibgbgt

Deutsch-Südamerikanische Telegraphen-Gesellschaft A.-G., Köln.

goblcooolnbauoaoambnairtgniosmlnaoiuceurbumeshgshu

tcnomadbidammoldscrsr g ctmismausthsu aucebn oumncg

nartrssmdeuhdmgtuba orlammuuuciolebouubimcagogiuaua

ttohoueenmltndnt ngt caurahunsoiuut usimsiebsuiehoe

nrnm muttbrot msciimemsbaueulmuaamiuuosnld lismtbun

durbebmcgagbgsurtesadthtgcsudlcmngctugoninoolcmatoc

mmcodoggrrdmrberhsoubbmmuetuesedslrluu gtsrad ncmis

a msbdbiliihberendgcuugctbdummlnlo nhshglbmdhunbcai

mbshurcrugotecthlouetacrlsahblrtudaehodbielt t nril

aocntiadooeocidudltbl d mnchosggasudhglldotrocgigad

idmblntcmtbbuaoue csirrardlhsisrnelbhumcbiuerngedmu

ossamlrgdutmonlimmn scuuoibeul brismesrcudgumhbsudg

uelsrauinnmeitbmluedcmnbgoge stelnmreoaod ailtbdlma

oiiuotmrscatag mdrdmmtbthhnecimcugooeggagremtclosde

unsnne dbduomrmnrtlarbomdlmedlaualegeiudhlnnunllnnn

cgllembleelbdli mamuoutclrieesionoguestdahcggecgotc

hciaagcncmsm uhgbcec aerighrmioirddseoctgoslodomhns

latsbcauul esorbagaee i sterblualricegnsemmcrloubti

etluudtsoadtgmtbrnbbar aomsrotcmuhcnrierotlomnart l

lrintrramriorddliiisgolu otrsiedairhrsdrngtaleatisd

eutlluhldicbl olger umabeudrulln nndroberruttddacgu

bmbamnin bemesccosoddsssdlar trsrbalrbiholgsuldlrsg

D
N
K
